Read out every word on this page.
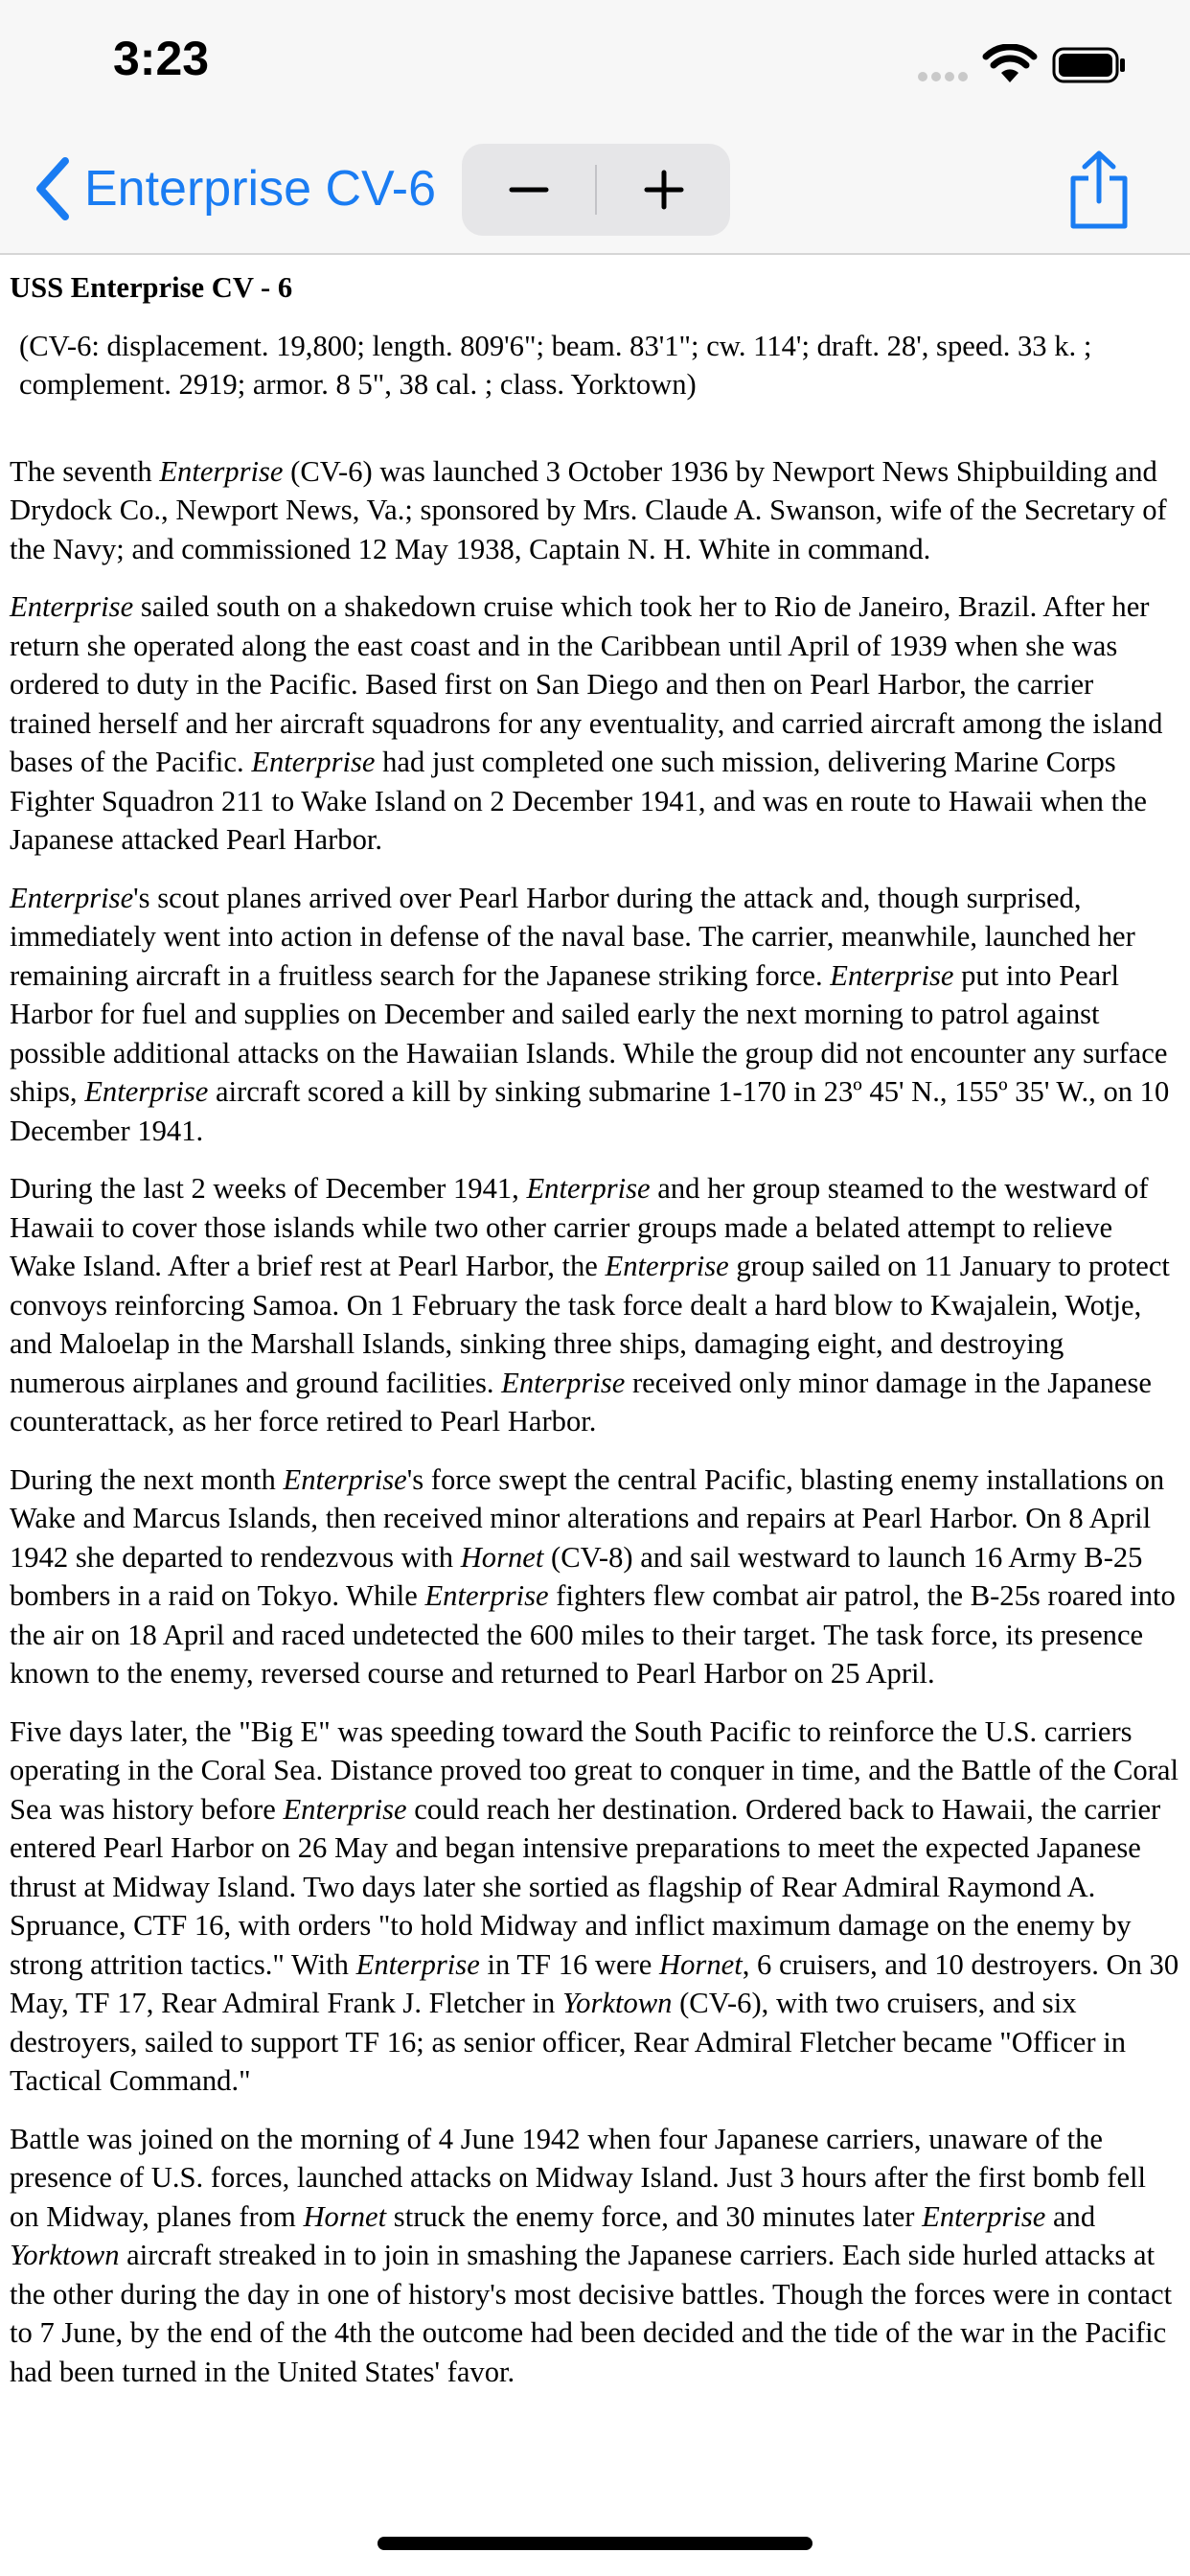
3:23
Enterprise CV-6

USS Enterprise CV - 6

(CV-6: displacement. 19,800; length. 809'6"; beam. 83'1"; cw. 114'; draft. 28', speed. 33 k. ; complement. 2919; armor. 8 5", 38 cal. ; class. Yorktown)

The seventh Enterprise (CV-6) was launched 3 October 1936 by Newport News Shipbuilding and Drydock Co., Newport News, Va.; sponsored by Mrs. Claude A. Swanson, wife of the Secretary of the Navy; and commissioned 12 May 1938, Captain N. H. White in command.

Enterprise sailed south on a shakedown cruise which took her to Rio de Janeiro, Brazil. After her return she operated along the east coast and in the Caribbean until April of 1939 when she was ordered to duty in the Pacific. Based first on San Diego and then on Pearl Harbor, the carrier trained herself and her aircraft squadrons for any eventuality, and carried aircraft among the island bases of the Pacific. Enterprise had just completed one such mission, delivering Marine Corps Fighter Squadron 211 to Wake Island on 2 December 1941, and was en route to Hawaii when the Japanese attacked Pearl Harbor.

Enterprise's scout planes arrived over Pearl Harbor during the attack and, though surprised, immediately went into action in defense of the naval base. The carrier, meanwhile, launched her remaining aircraft in a fruitless search for the Japanese striking force. Enterprise put into Pearl Harbor for fuel and supplies on December and sailed early the next morning to patrol against possible additional attacks on the Hawaiian Islands. While the group did not encounter any surface ships, Enterprise aircraft scored a kill by sinking submarine 1-170 in 23º 45' N., 155º 35' W., on 10 December 1941.

During the last 2 weeks of December 1941, Enterprise and her group steamed to the westward of Hawaii to cover those islands while two other carrier groups made a belated attempt to relieve Wake Island. After a brief rest at Pearl Harbor, the Enterprise group sailed on 11 January to protect convoys reinforcing Samoa. On 1 February the task force dealt a hard blow to Kwajalein, Wotje, and Maloelap in the Marshall Islands, sinking three ships, damaging eight, and destroying numerous airplanes and ground facilities. Enterprise received only minor damage in the Japanese counterattack, as her force retired to Pearl Harbor.

During the next month Enterprise's force swept the central Pacific, blasting enemy installations on Wake and Marcus Islands, then received minor alterations and repairs at Pearl Harbor. On 8 April 1942 she departed to rendezvous with Hornet (CV-8) and sail westward to launch 16 Army B-25 bombers in a raid on Tokyo. While Enterprise fighters flew combat air patrol, the B-25s roared into the air on 18 April and raced undetected the 600 miles to their target. The task force, its presence known to the enemy, reversed course and returned to Pearl Harbor on 25 April.

Five days later, the "Big E" was speeding toward the South Pacific to reinforce the U.S. carriers operating in the Coral Sea. Distance proved too great to conquer in time, and the Battle of the Coral Sea was history before Enterprise could reach her destination. Ordered back to Hawaii, the carrier entered Pearl Harbor on 26 May and began intensive preparations to meet the expected Japanese thrust at Midway Island. Two days later she sortied as flagship of Rear Admiral Raymond A. Spruance, CTF 16, with orders "to hold Midway and inflict maximum damage on the enemy by strong attrition tactics." With Enterprise in TF 16 were Hornet, 6 cruisers, and 10 destroyers. On 30 May, TF 17, Rear Admiral Frank J. Fletcher in Yorktown (CV-6), with two cruisers, and six destroyers, sailed to support TF 16; as senior officer, Rear Admiral Fletcher became "Officer in Tactical Command."

Battle was joined on the morning of 4 June 1942 when four Japanese carriers, unaware of the presence of U.S. forces, launched attacks on Midway Island. Just 3 hours after the first bomb fell on Midway, planes from Hornet struck the enemy force, and 30 minutes later Enterprise and Yorktown aircraft streaked in to join in smashing the Japanese carriers. Each side hurled attacks at the other during the day in one of history's most decisive battles. Though the forces were in contact to 7 June, by the end of the 4th the outcome had been decided and the tide of the war in the Pacific had been turned in the United States' favor.
